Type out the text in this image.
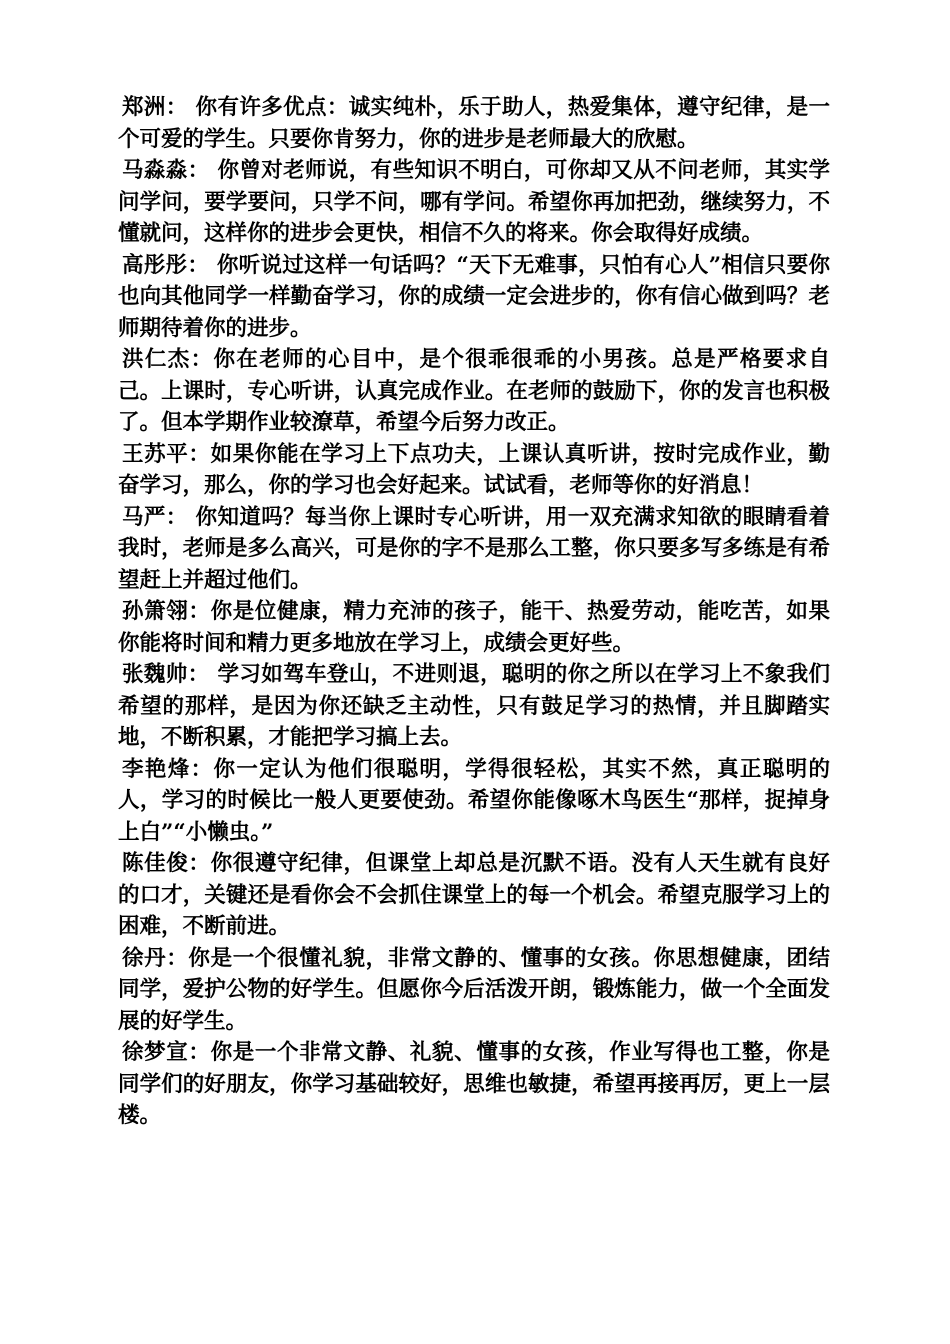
郑洲： 你有许多优点：诚实纯朴，乐于助人，热爱集体，遵守纪律，是一个可爱的学生。只要你肯努力，你的进步是老师最大的欣慰。

马淼淼： 你曾对老师说，有些知识不明白，可你却又从不问老师，其实学问学问，要学要问，只学不问，哪有学问。希望你再加把劲，继续努力，不懂就问，这样你的进步会更快，相信不久的将来。你会取得好成绩。

高彤彤： 你听说过这样一句话吗？“天下无难事，只怕有心人”相信只要你也向其他同学一样勤奋学习，你的成绩一定会进步的，你有信心做到吗？老师期待着你的进步。

洪仁杰：你在老师的心目中，是个很乖很乖的小男孩。总是严格要求自己。上课时，专心听讲，认真完成作业。在老师的鼓励下，你的发言也积极了。但本学期作业较潦草，希望今后努力改正。

王苏平：如果你能在学习上下点功夫，上课认真听讲，按时完成作业，勤奋学习，那么，你的学习也会好起来。试试看，老师等你的好消息！

马严： 你知道吗？每当你上课时专心听讲，用一双充满求知欲的眼睛看着我时，老师是多么高兴，可是你的字不是那么工整，你只要多写多练是有希望赶上并超过他们。

孙箫翎：你是位健康，精力充沛的孩子，能干、热爱劳动，能吃苦，如果你能将时间和精力更多地放在学习上，成绩会更好些。

张魏帅： 学习如驾车登山，不进则退，聪明的你之所以在学习上不象我们希望的那样，是因为你还缺乏主动性，只有鼓足学习的热情，并且脚踏实地，不断积累，才能把学习搞上去。

李艳烽：你一定认为他们很聪明，学得很轻松，其实不然，真正聪明的人，学习的时候比一般人更要使劲。希望你能像啄木鸟医生“那样，捉掉身上白”“小懒虫。”

陈佳俊：你很遵守纪律，但课堂上却总是沉默不语。没有人天生就有良好的口才，关键还是看你会不会抓住课堂上的每一个机会。希望克服学习上的困难，不断前进。

徐丹：你是一个很懂礼貌，非常文静的、懂事的女孩。你思想健康，团结同学，爱护公物的好学生。但愿你今后活泼开朗，锻炼能力，做一个全面发展的好学生。

徐梦宣：你是一个非常文静、礼貌、懂事的女孩，作业写得也工整，你是同学们的好朋友，你学习基础较好，思维也敏捷，希望再接再厉，更上一层楼。
